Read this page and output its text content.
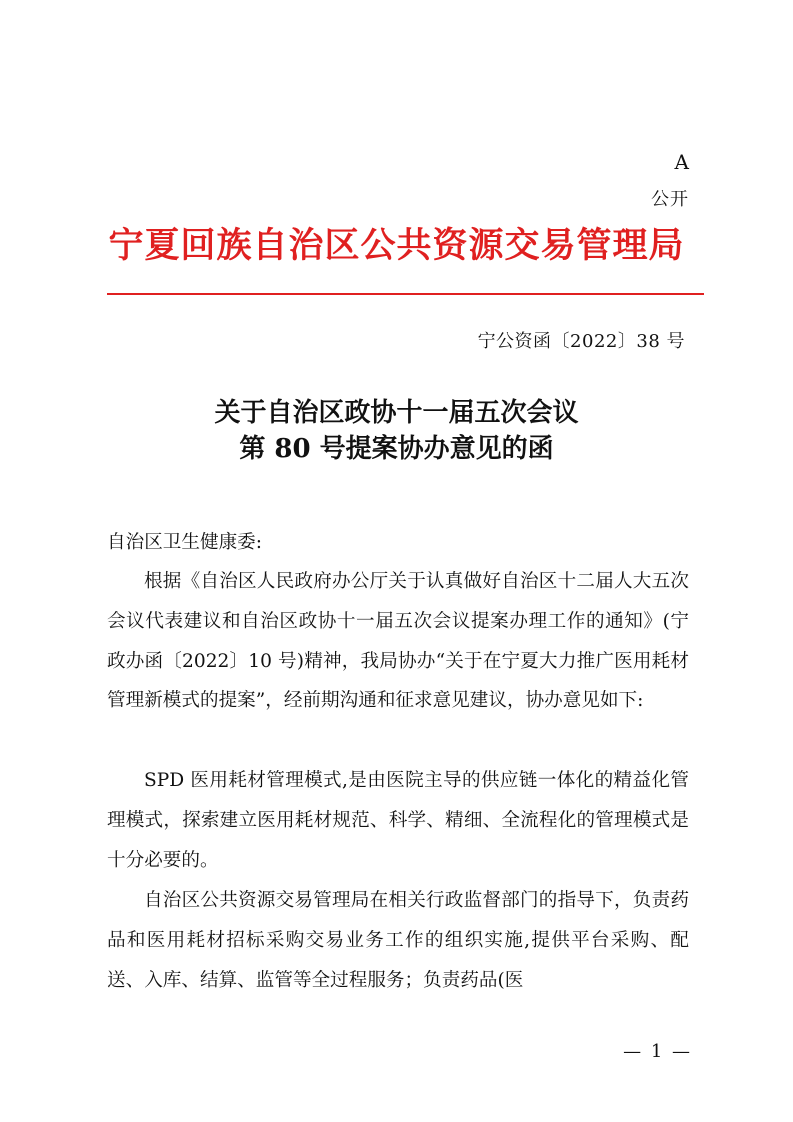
A
公开
宁夏回族自治区公共资源交易管理局
宁公资函〔2022〕38 号
关于自治区政协十一届五次会议
第 80 号提案协办意见的函
自治区卫生健康委:

根据《自治区人民政府办公厅关于认真做好自治区十二届人大五次会议代表建议和自治区政协十一届五次会议提案办理工作的通知》(宁政办函〔2022〕10 号)精神，我局协办“关于在宁夏大力推广医用耗材管理新模式的提案”，经前期沟通和征求意见建议，协办意见如下:

SPD 医用耗材管理模式,是由医院主导的供应链一体化的精益化管理模式，探索建立医用耗材规范、科学、精细、全流程化的管理模式是十分必要的。

自治区公共资源交易管理局在相关行政监督部门的指导下，负责药品和医用耗材招标采购交易业务工作的组织实施,提供平台采购、配送、入库、结算、监管等全过程服务；负责药品(医

— 1 —
